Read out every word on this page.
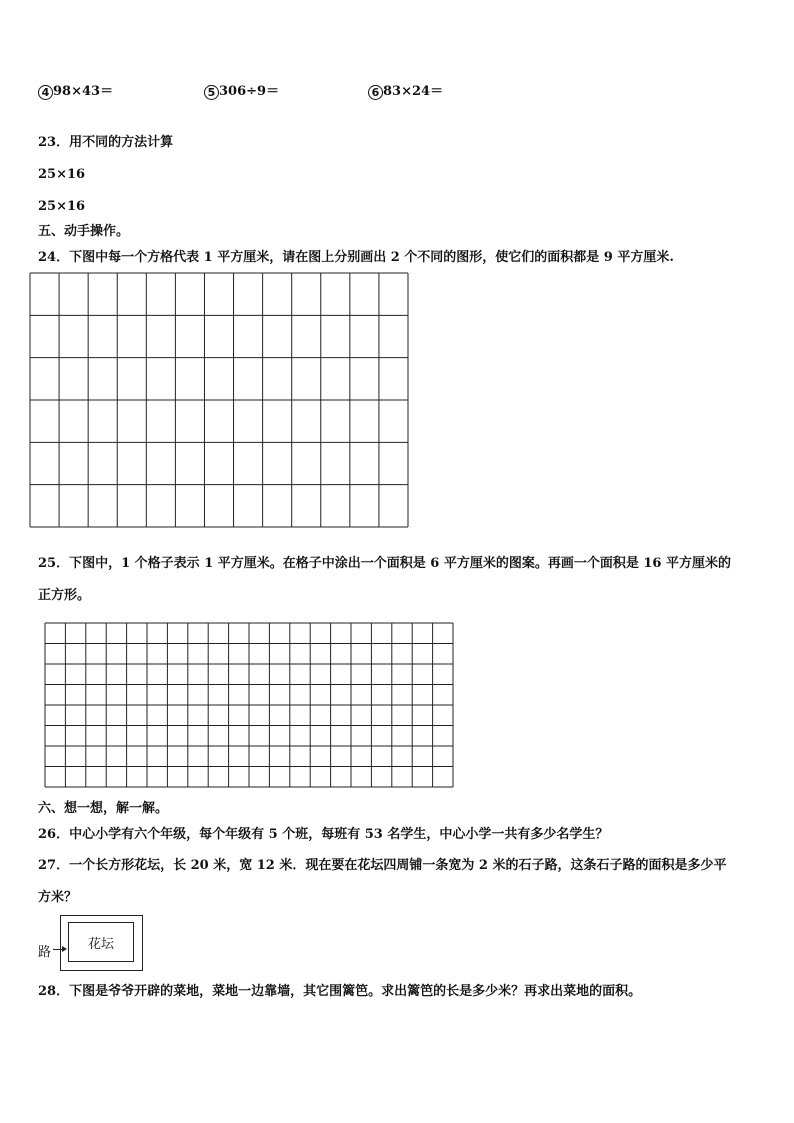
4 98×43＝	5 306÷9＝	6 83×24＝
23．用不同的方法计算
25×16
25×16
五、动手操作。
24．下图中每一个方格代表 1 平方厘米，请在图上分别画出 2 个不同的图形，使它们的面积都是 9 平方厘米.
25．下图中，1 个格子表示 1 平方厘米。在格子中涂出一个面积是 6 平方厘米的图案。再画一个面积是 16 平方厘米的
正方形。
六、想一想，解一解。
26．中心小学有六个年级，每个年级有 5 个班，每班有 53 名学生，中心小学一共有多少名学生？
27．一个长方形花坛，长 20 米，宽 12 米．现在要在花坛四周铺一条宽为 2 米的石子路，这条石子路的面积是多少平
方米？
花坛
路
28．下图是爷爷开辟的菜地，菜地一边靠墙，其它围篱笆。求出篱笆的长是多少米？再求出菜地的面积。
